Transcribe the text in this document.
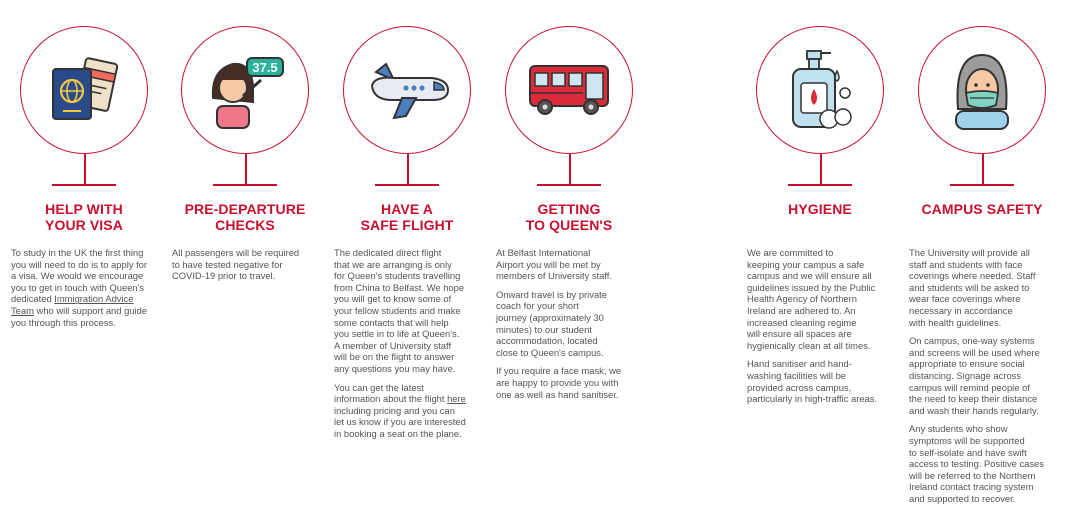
HELP WITH
YOUR VISA

To study in the UK the first thing
you will need to do is to apply for
a visa. We would we encourage
you to get in touch with Queen's
dedicated Immigration Advice
Team who will support and guide
you through this process.

37.5
PRE-DEPARTURE
CHECKS

All passengers will be required
to have tested negative for
COVID-19 prior to travel.

HAVE A
SAFE FLIGHT

The dedicated direct flight
that we are arranging is only
for Queen's students travelling
from China to Belfast. We hope
you will get to know some of
your fellow students and make
some contacts that will help
you settle in to life at Queen's.
A member of University staff
will be on the flight to answer
any questions you may have.

You can get the latest
information about the flight here
including pricing and you can
let us know if you are interested
in booking a seat on the plane.

GETTING
TO QUEEN'S

At Belfast International
Airport you will be met by
members of University staff.

Onward travel is by private
coach for your short
journey (approximately 30
minutes) to our student
accommodation, located
close to Queen's campus.

If you require a face mask, we
are happy to provide you with
one as well as hand sanitiser.

HYGIENE

We are committed to
keeping your campus a safe
campus and we will ensure all
guidelines issued by the Public
Health Agency of Northern
Ireland are adhered to. An
increased cleaning regime
will ensure all spaces are
hygienically clean at all times.

Hand sanitiser and hand-
washing facilities will be
provided across campus,
particularly in high-traffic areas.

CAMPUS SAFETY

The University will provide all
staff and students with face
coverings where needed. Staff
and students will be asked to
wear face coverings where
necessary in accordance
with health guidelines.

On campus, one-way systems
and screens will be used where
appropriate to ensure social
distancing. Signage across
campus will remind people of
the need to keep their distance
and wash their hands regularly.

Any students who show
symptoms will be supported
to self-isolate and have swift
access to testing. Positive cases
will be referred to the Northern
Ireland contact tracing system
and supported to recover.
